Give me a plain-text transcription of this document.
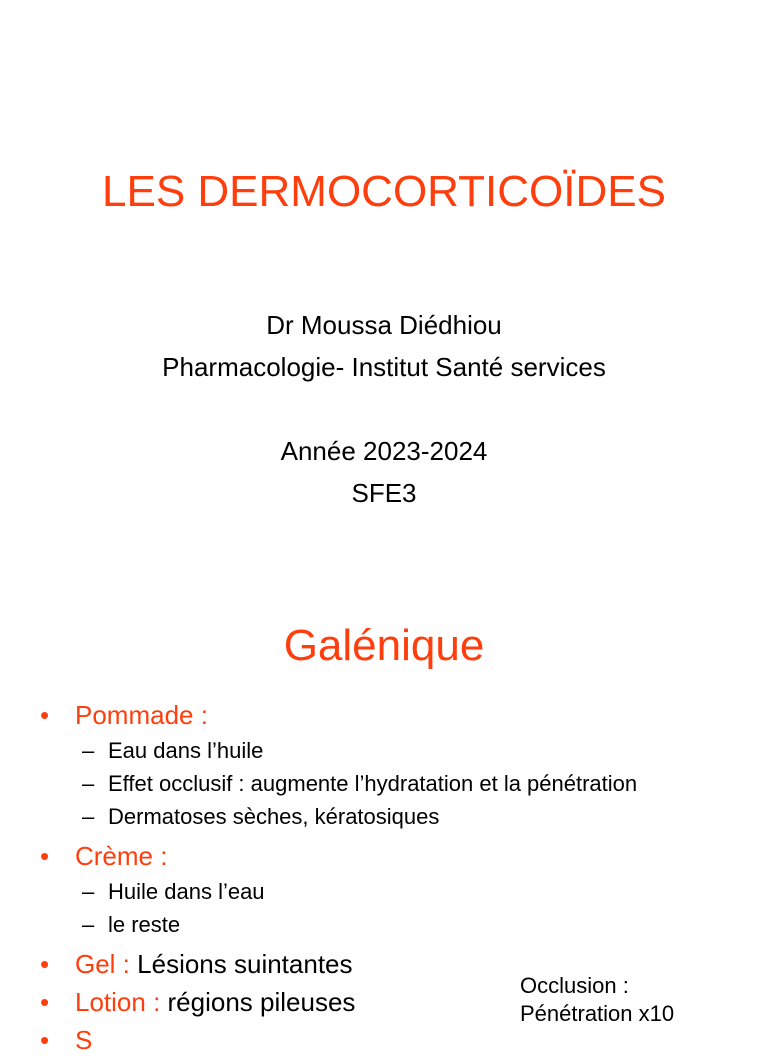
LES DERMOCORTICOÏDES
Dr Moussa Diédhiou
Pharmacologie- Institut Santé services
Année 2023-2024
SFE3
Galénique
• Pommade :
– Eau dans l’huile
– Effet occlusif : augmente l’hydratation et la pénétration
– Dermatoses sèches, kératosiques
• Crème :
– Huile dans l’eau
– le reste
• Gel : Lésions suintantes
• Lotion : régions pileuses
• S
Occlusion :
Pénétration x10
